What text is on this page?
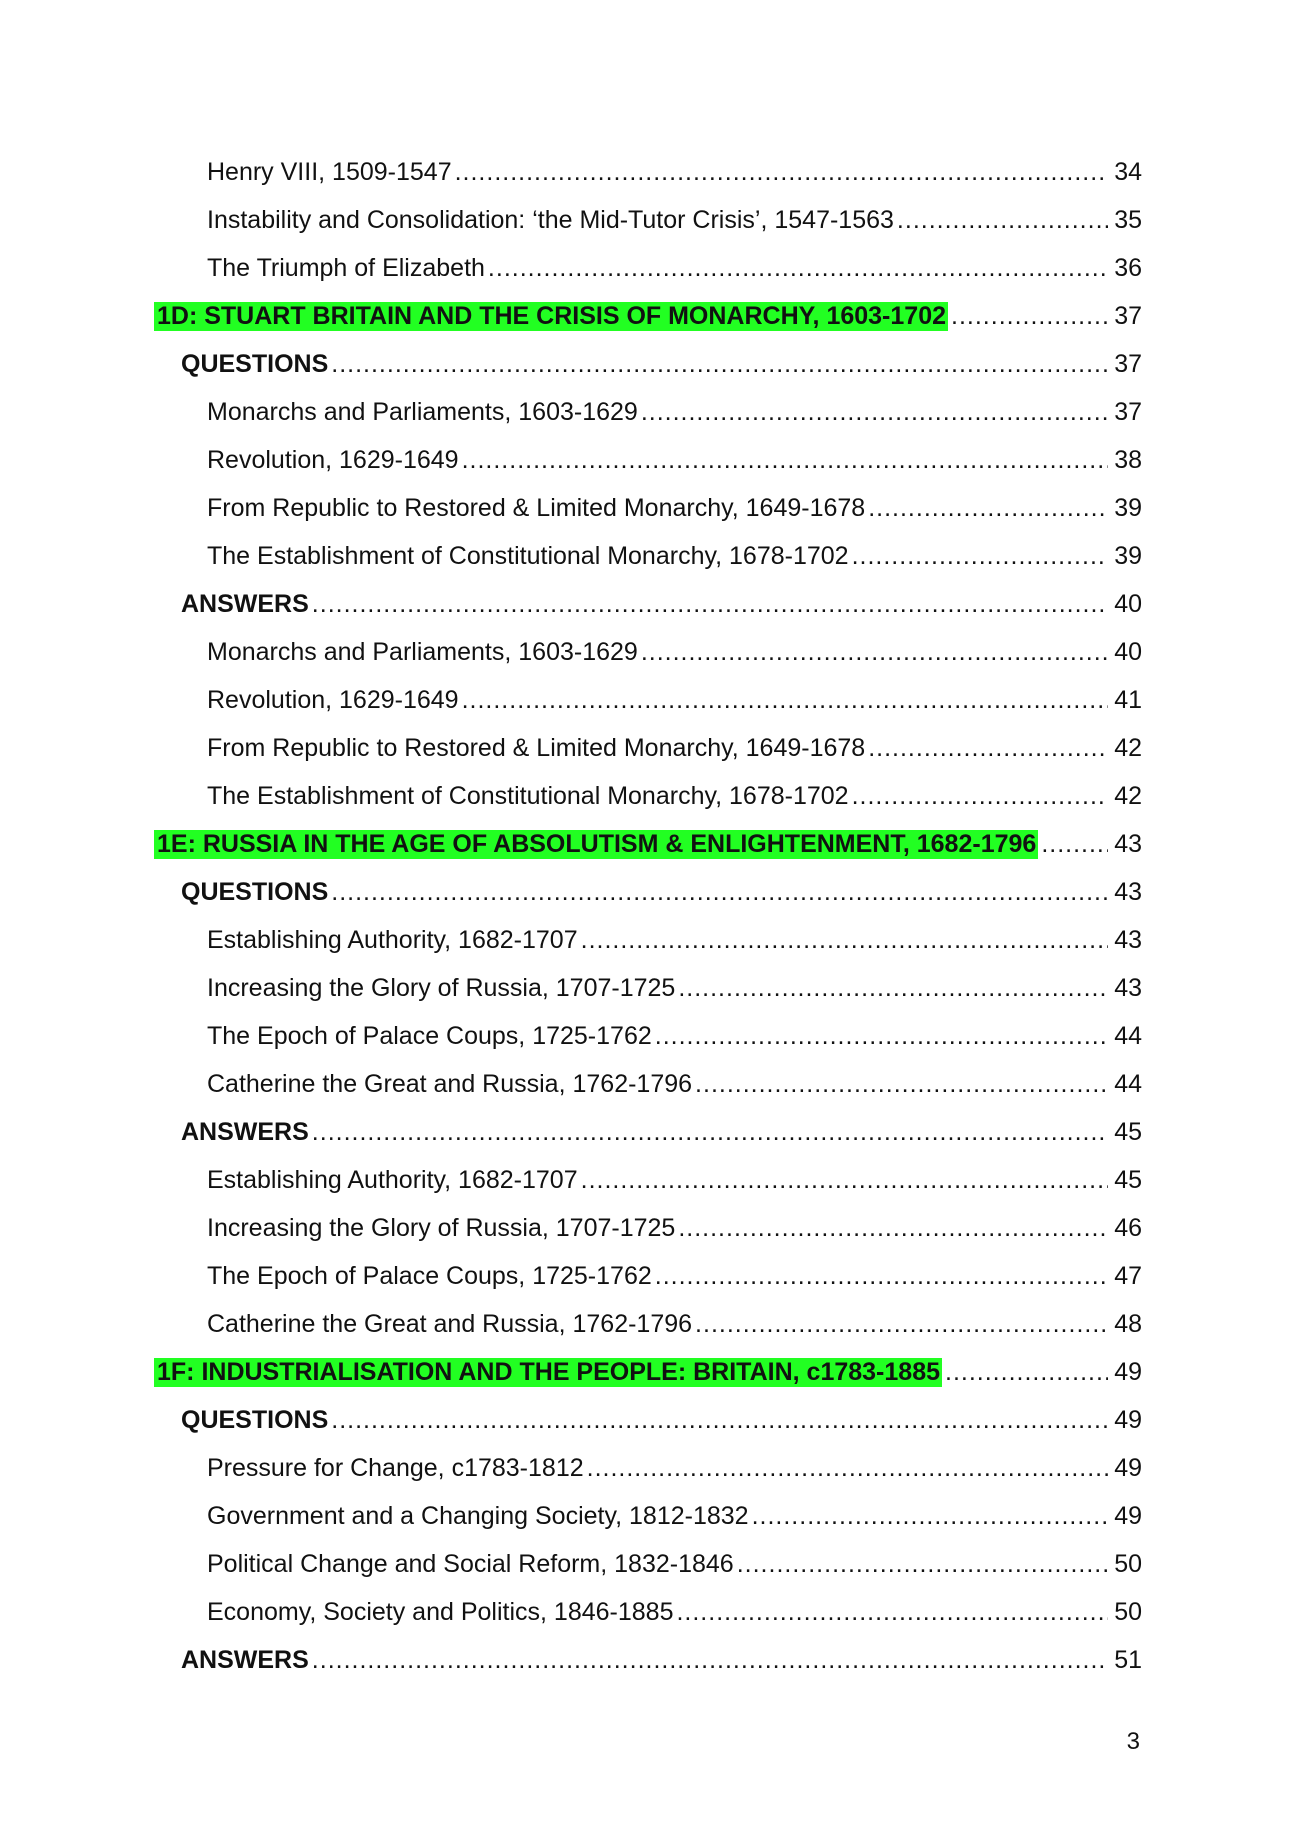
Henry VIII, 1509-1547 .....	34
Instability and Consolidation: ‘the Mid-Tutor Crisis’, 1547-1563 .....	35
The Triumph of Elizabeth .....	36
1D: STUART BRITAIN AND THE CRISIS OF MONARCHY, 1603-1702 .....	37
QUESTIONS .....	37
Monarchs and Parliaments, 1603-1629 .....	37
Revolution, 1629-1649 .....	38
From Republic to Restored & Limited Monarchy, 1649-1678 .....	39
The Establishment of Constitutional Monarchy, 1678-1702 .....	39
ANSWERS .....	40
Monarchs and Parliaments, 1603-1629 .....	40
Revolution, 1629-1649 .....	41
From Republic to Restored & Limited Monarchy, 1649-1678 .....	42
The Establishment of Constitutional Monarchy, 1678-1702 .....	42
1E: RUSSIA IN THE AGE OF ABSOLUTISM & ENLIGHTENMENT, 1682-1796 .....	43
QUESTIONS .....	43
Establishing Authority, 1682-1707 .....	43
Increasing the Glory of Russia, 1707-1725 .....	43
The Epoch of Palace Coups, 1725-1762 .....	44
Catherine the Great and Russia, 1762-1796 .....	44
ANSWERS .....	45
Establishing Authority, 1682-1707 .....	45
Increasing the Glory of Russia, 1707-1725 .....	46
The Epoch of Palace Coups, 1725-1762 .....	47
Catherine the Great and Russia, 1762-1796 .....	48
1F: INDUSTRIALISATION AND THE PEOPLE: BRITAIN, c1783-1885 .....	49
QUESTIONS .....	49
Pressure for Change, c1783-1812 .....	49
Government and a Changing Society, 1812-1832 .....	49
Political Change and Social Reform, 1832-1846 .....	50
Economy, Society and Politics, 1846-1885 .....	50
ANSWERS .....	51
3
